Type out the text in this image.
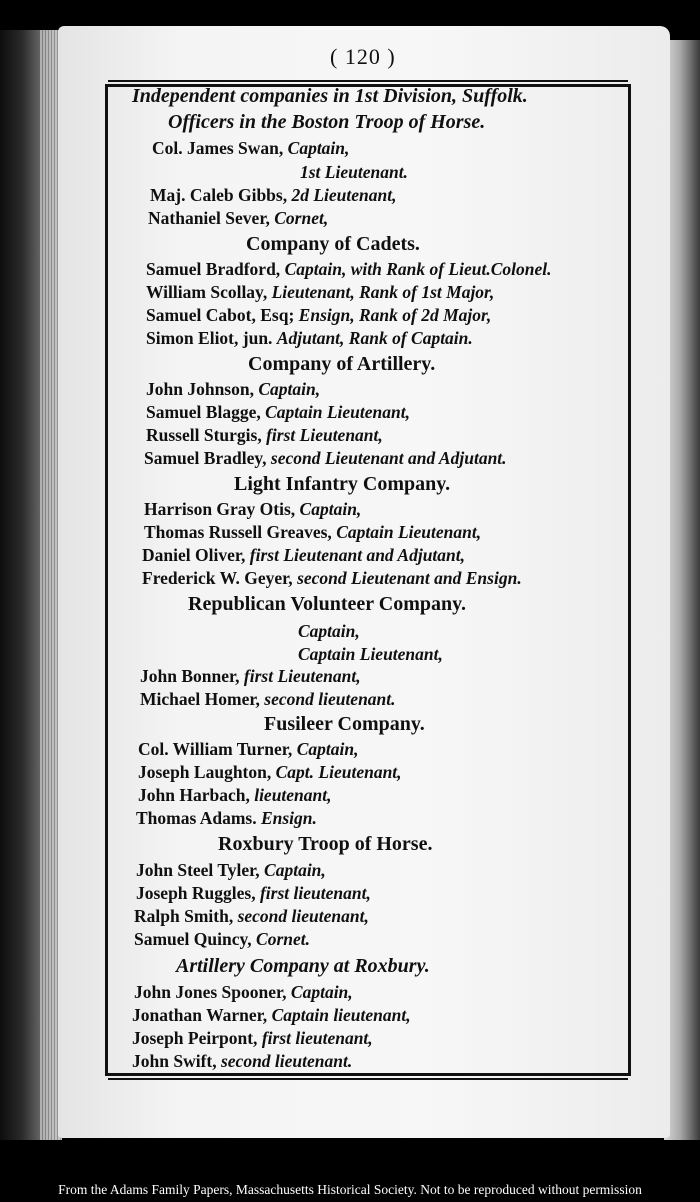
( 120 )

Independent companies in 1st Division, Suffolk.

Officers in the Boston Troop of Horse.

Col. James Swan, Captain,

1st Lieutenant.

Maj. Caleb Gibbs, 2d Lieutenant,

Nathaniel Sever, Cornet,

Company of Cadets.

Samuel Bradford, Captain, with Rank of Lieut.Colonel.

William Scollay, Lieutenant, Rank of 1st Major,

Samuel Cabot, Esq; Ensign, Rank of 2d Major,

Simon Eliot, jun. Adjutant, Rank of Captain.

Company of Artillery.

John Johnson, Captain,

Samuel Blagge, Captain Lieutenant,

Russell Sturgis, first Lieutenant,

Samuel Bradley, second Lieutenant and Adjutant.

Light Infantry Company.

Harrison Gray Otis, Captain,

Thomas Russell Greaves, Captain Lieutenant,

Daniel Oliver, first Lieutenant and Adjutant,

Frederick W. Geyer, second Lieutenant and Ensign.

Republican Volunteer Company.

Captain,

Captain Lieutenant,

John Bonner, first Lieutenant,

Michael Homer, second lieutenant.

Fusileer Company.

Col. William Turner, Captain,

Joseph Laughton, Capt. Lieutenant,

John Harbach, lieutenant,

Thomas Adams. Ensign.

Roxbury Troop of Horse.

John Steel Tyler, Captain,

Joseph Ruggles, first lieutenant,

Ralph Smith, second lieutenant,

Samuel Quincy, Cornet.

Artillery Company at Roxbury.

John Jones Spooner, Captain,

Jonathan Warner, Captain lieutenant,

Joseph Peirpont, first lieutenant,

John Swift, second lieutenant.

From the Adams Family Papers, Massachusetts Historical Society. Not to be reproduced without permission
